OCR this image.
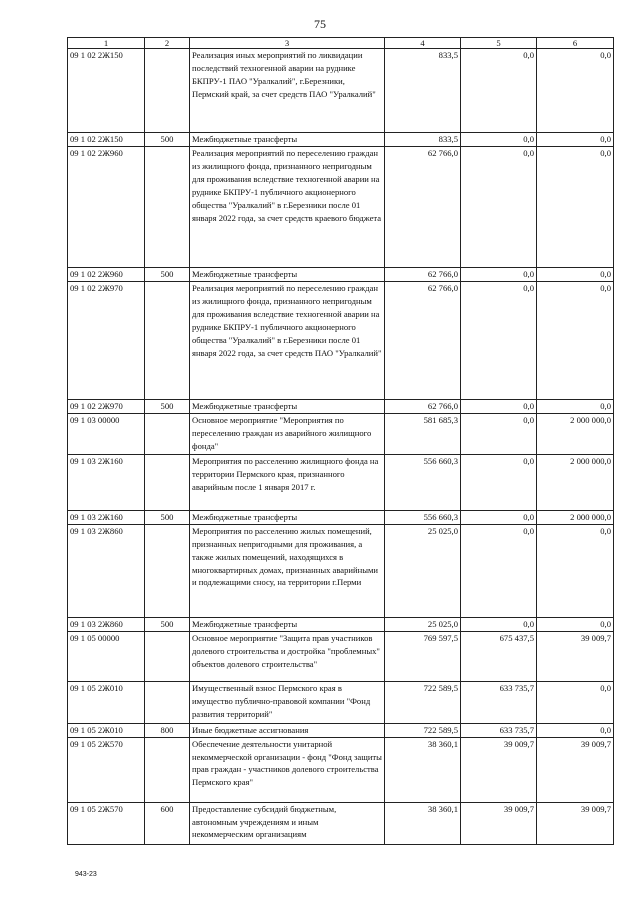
75
1	2	3	4	5	6
09 1 02 2Ж150		Реализация иных мероприятий по ликвидации последствий техногенной аварии на руднике БКПРУ-1 ПАО "Уралкалий", г.Березники, Пермский край, за счет средств ПАО "Уралкалий"	833,5	0,0	0,0
09 1 02 2Ж150	500	Межбюджетные трансферты	833,5	0,0	0,0
09 1 02 2Ж960		Реализация мероприятий по переселению граждан из жилищного фонда, признанного непригодным для проживания вследствие техногенной аварии на руднике БКПРУ-1 публичного акционерного общества "Уралкалий" в г.Березники после 01 января 2022 года, за счет средств краевого бюджета	62 766,0	0,0	0,0
09 1 02 2Ж960	500	Межбюджетные трансферты	62 766,0	0,0	0,0
09 1 02 2Ж970		Реализация мероприятий по переселению граждан из жилищного фонда, признанного непригодным для проживания вследствие техногенной аварии на руднике БКПРУ-1 публичного акционерного общества "Уралкалий" в г.Березники после 01 января 2022 года, за счет средств ПАО "Уралкалий"	62 766,0	0,0	0,0
09 1 02 2Ж970	500	Межбюджетные трансферты	62 766,0	0,0	0,0
09 1 03 00000		Основное мероприятие "Мероприятия по переселению граждан из аварийного жилищного фонда"	581 685,3	0,0	2 000 000,0
09 1 03 2Ж160		Мероприятия по расселению жилищного фонда на территории Пермского края, признанного аварийным после 1 января 2017 г.	556 660,3	0,0	2 000 000,0
09 1 03 2Ж160	500	Межбюджетные трансферты	556 660,3	0,0	2 000 000,0
09 1 03 2Ж860		Мероприятия по расселению жилых помещений, признанных непригодными для проживания, а также жилых помещений, находящихся в многоквартирных домах, признанных аварийными и подлежащими сносу, на территории г.Перми	25 025,0	0,0	0,0
09 1 03 2Ж860	500	Межбюджетные трансферты	25 025,0	0,0	0,0
09 1 05 00000		Основное мероприятие "Защита прав участников долевого строительства и достройка "проблемных" объектов долевого строительства"	769 597,5	675 437,5	39 009,7
09 1 05 2Ж010		Имущественный взнос Пермского края в имущество публично-правовой компании "Фонд развития территорий"	722 589,5	633 735,7	0,0
09 1 05 2Ж010	800	Иные бюджетные ассигнования	722 589,5	633 735,7	0,0
09 1 05 2Ж570		Обеспечение деятельности унитарной некоммерческой организации - фонд "Фонд защиты прав граждан - участников долевого строительства Пермского края"	38 360,1	39 009,7	39 009,7
09 1 05 2Ж570	600	Предоставление субсидий бюджетным, автономным учреждениям и иным некоммерческим организациям	38 360,1	39 009,7	39 009,7
943-23
